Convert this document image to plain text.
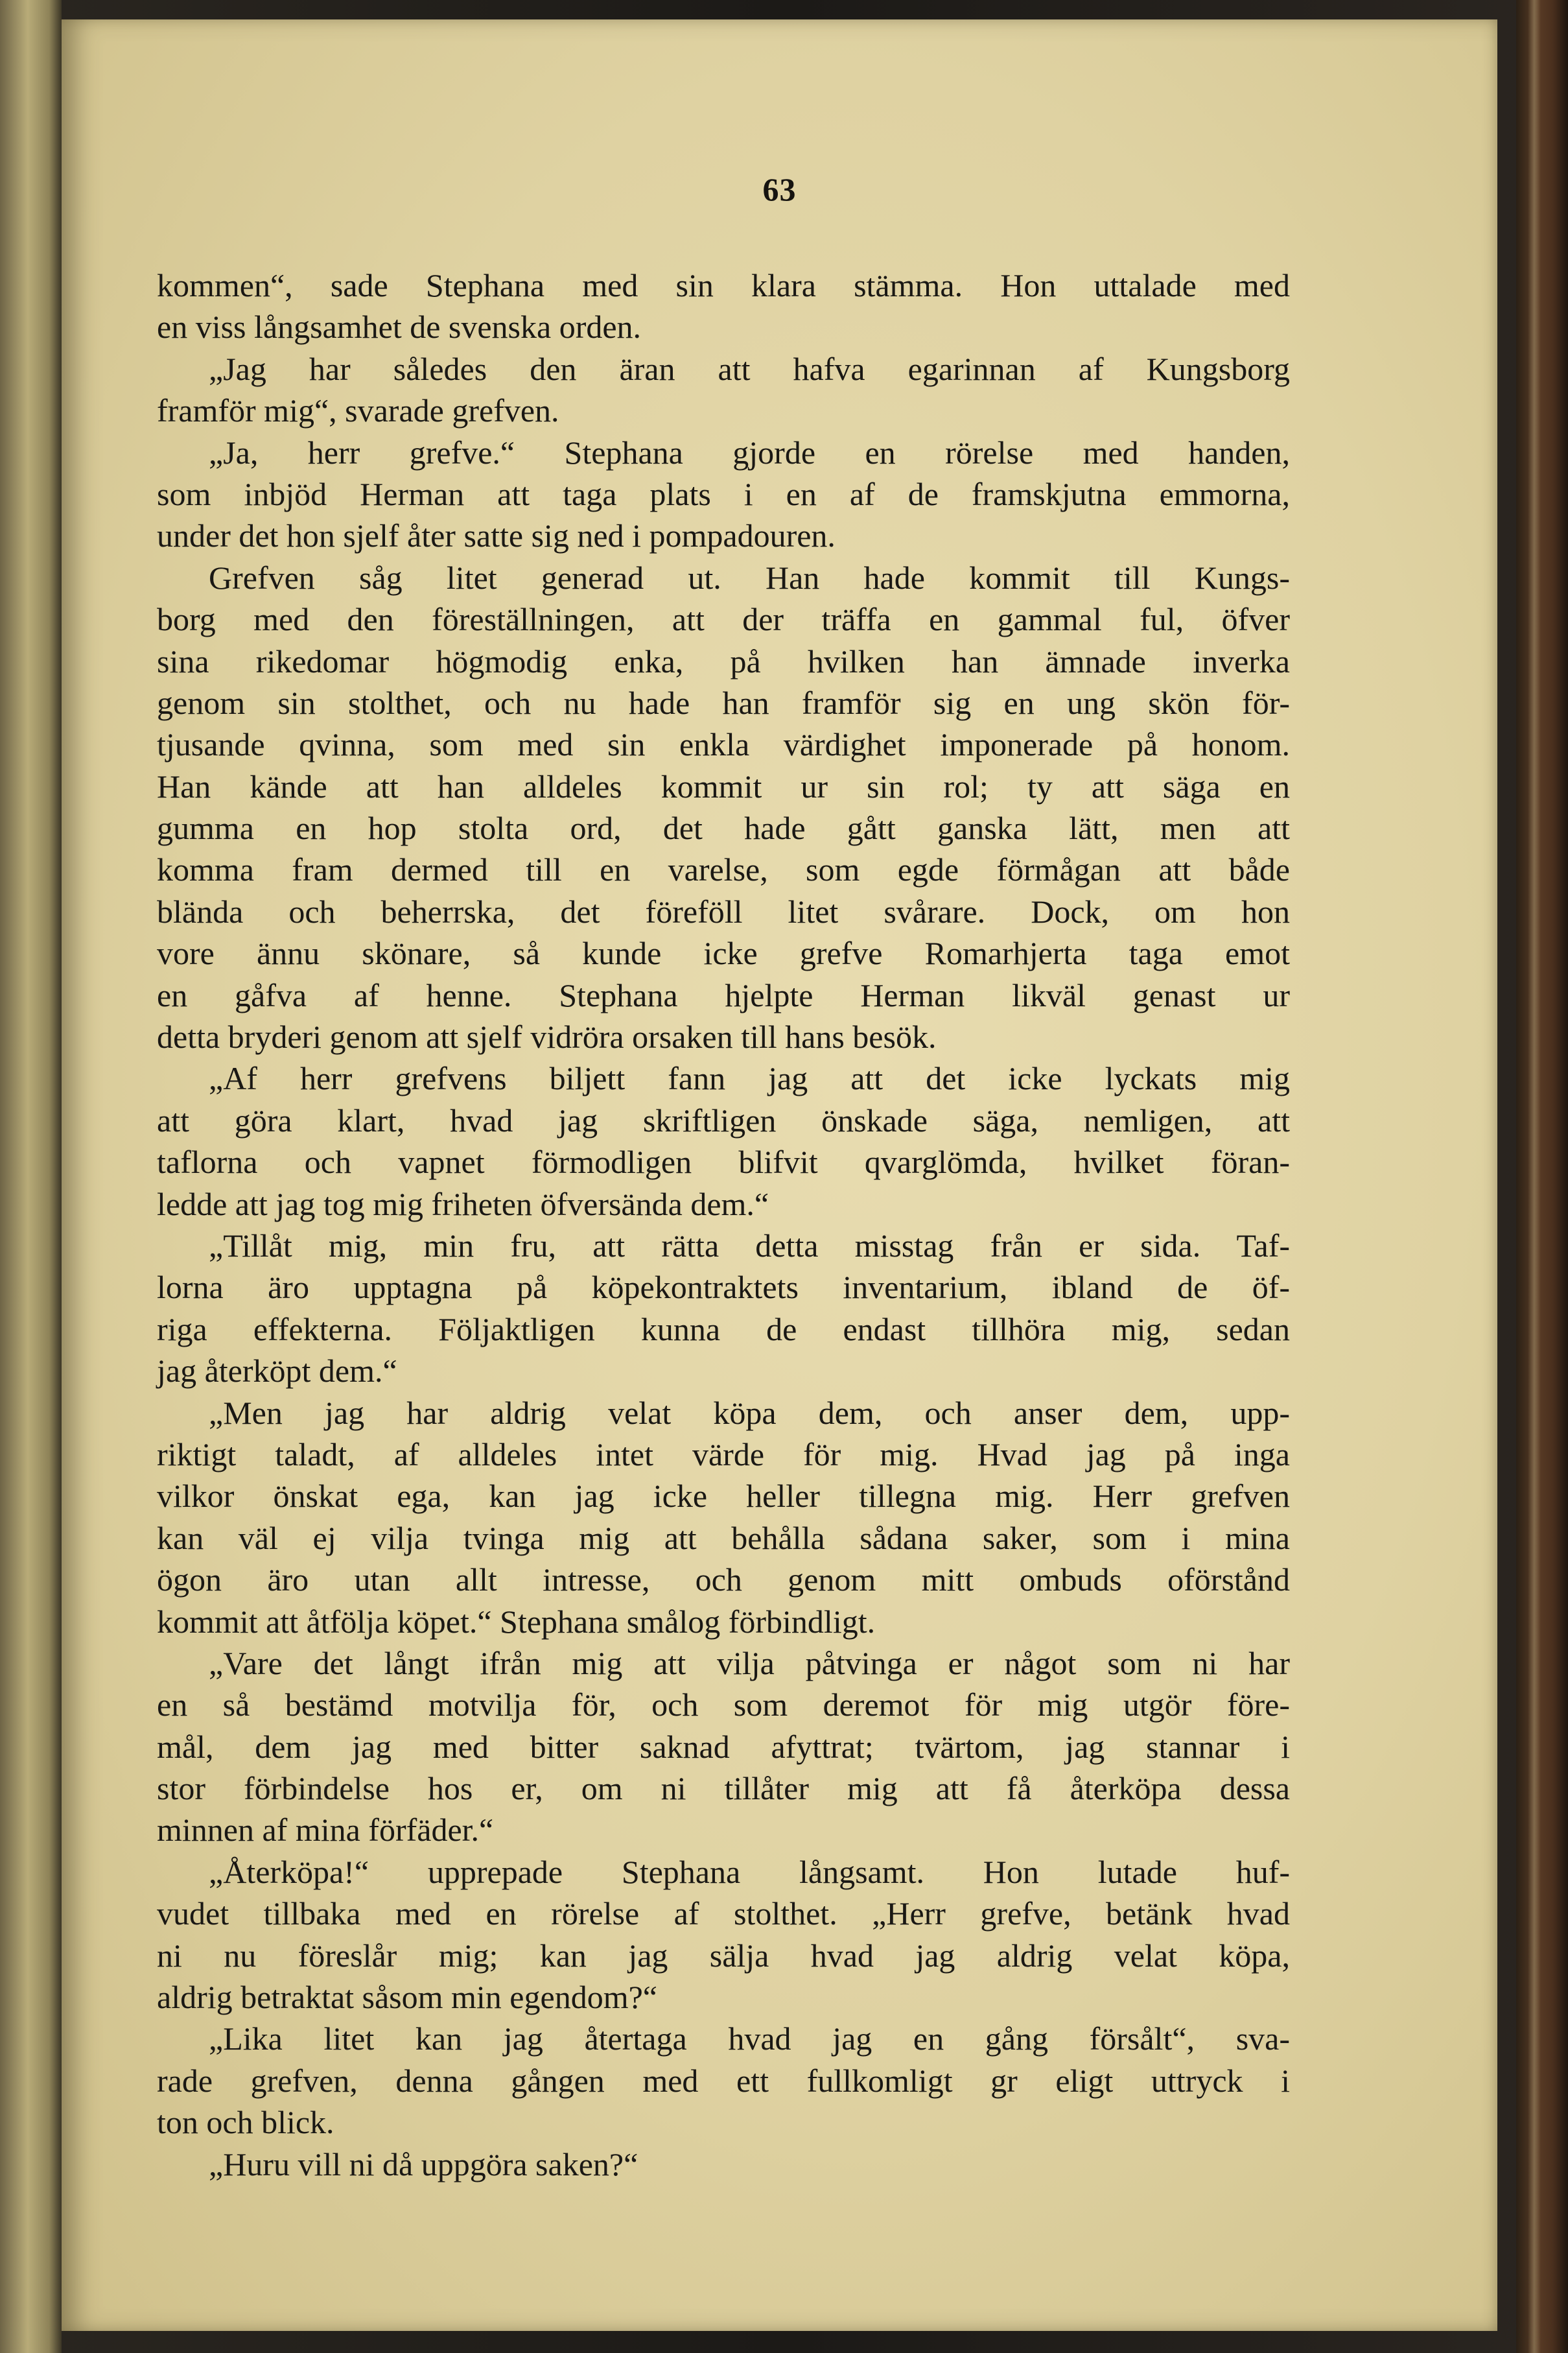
63
kommen“, sade Stephana med sin klara stämma. Hon uttalade med
en viss långsamhet de svenska orden.
„Jag har således den äran att hafva egarinnan af Kungsborg
framför mig“, svarade grefven.
„Ja, herr grefve.“ Stephana gjorde en rörelse med handen,
som inbjöd Herman att taga plats i en af de framskjutna emmorna,
under det hon sjelf åter satte sig ned i pompadouren.
Grefven såg litet generad ut. Han hade kommit till Kungs-
borg med den föreställningen, att der träffa en gammal ful, öfver
sina rikedomar högmodig enka, på hvilken han ämnade inverka
genom sin stolthet, och nu hade han framför sig en ung skön för-
tjusande qvinna, som med sin enkla värdighet imponerade på honom.
Han kände att han alldeles kommit ur sin rol; ty att säga en
gumma en hop stolta ord, det hade gått ganska lätt, men att
komma fram dermed till en varelse, som egde förmågan att både
blända och beherrska, det föreföll litet svårare. Dock, om hon
vore ännu skönare, så kunde icke grefve Romarhjerta taga emot
en gåfva af henne. Stephana hjelpte Herman likväl genast ur
detta bryderi genom att sjelf vidröra orsaken till hans besök.
„Af herr grefvens biljett fann jag att det icke lyckats mig
att göra klart, hvad jag skriftligen önskade säga, nemligen, att
taflorna och vapnet förmodligen blifvit qvarglömda, hvilket föran-
ledde att jag tog mig friheten öfversända dem.“
„Tillåt mig, min fru, att rätta detta misstag från er sida. Taf-
lorna äro upptagna på köpekontraktets inventarium, ibland de öf-
riga effekterna. Följaktligen kunna de endast tillhöra mig, sedan
jag återköpt dem.“
„Men jag har aldrig velat köpa dem, och anser dem, upp-
riktigt taladt, af alldeles intet värde för mig. Hvad jag på inga
vilkor önskat ega, kan jag icke heller tillegna mig. Herr grefven
kan väl ej vilja tvinga mig att behålla sådana saker, som i mina
ögon äro utan allt intresse, och genom mitt ombuds oförstånd
kommit att åtfölja köpet.“ Stephana smålog förbindligt.
„Vare det långt ifrån mig att vilja påtvinga er något som ni har
en så bestämd motvilja för, och som deremot för mig utgör före-
mål, dem jag med bitter saknad afyttrat; tvärtom, jag stannar i
stor förbindelse hos er, om ni tillåter mig att få återköpa dessa
minnen af mina förfäder.“
„Återköpa!“ upprepade Stephana långsamt. Hon lutade huf-
vudet tillbaka med en rörelse af stolthet. „Herr grefve, betänk hvad
ni nu föreslår mig; kan jag sälja hvad jag aldrig velat köpa,
aldrig betraktat såsom min egendom?“
„Lika litet kan jag återtaga hvad jag en gång försålt“, sva-
rade grefven, denna gången med ett fullkomligt gr eligt uttryck i
ton och blick.
„Huru vill ni då uppgöra saken?“
